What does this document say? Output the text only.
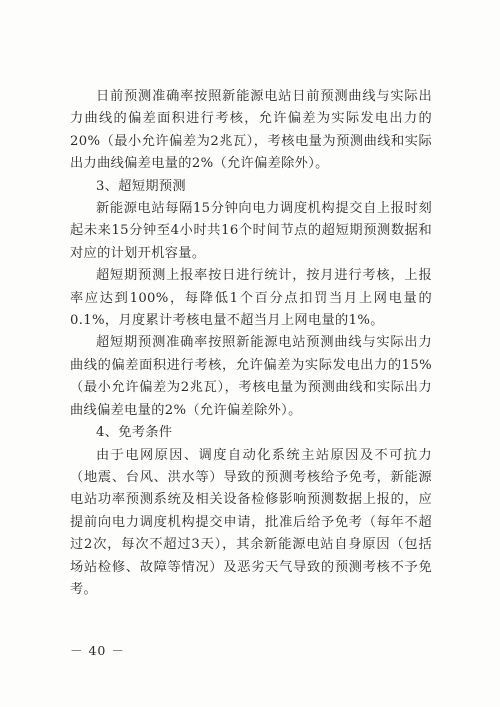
日前预测准确率按照新能源电站日前预测曲线与实际出力曲线的偏差面积进行考核，允许偏差为实际发电出力的20%（最小允许偏差为2兆瓦），考核电量为预测曲线和实际出力曲线偏差电量的2%（允许偏差除外）。

3、超短期预测

新能源电站每隔15分钟向电力调度机构提交自上报时刻起未来15分钟至4小时共16个时间节点的超短期预测数据和对应的计划开机容量。

超短期预测上报率按日进行统计，按月进行考核，上报率应达到100%，每降低1个百分点扣罚当月上网电量的0.1%，月度累计考核电量不超当月上网电量的1%。

超短期预测准确率按照新能源电站预测曲线与实际出力曲线的偏差面积进行考核，允许偏差为实际发电出力的15%（最小允许偏差为2兆瓦），考核电量为预测曲线和实际出力曲线偏差电量的2%（允许偏差除外）。

4、免考条件

由于电网原因、调度自动化系统主站原因及不可抗力（地震、台风、洪水等）导致的预测考核给予免考，新能源电站功率预测系统及相关设备检修影响预测数据上报的，应提前向电力调度机构提交申请，批准后给予免考（每年不超过2次，每次不超过3天），其余新能源电站自身原因（包括场站检修、故障等情况）及恶劣天气导致的预测考核不予免考。

－ 40 －
